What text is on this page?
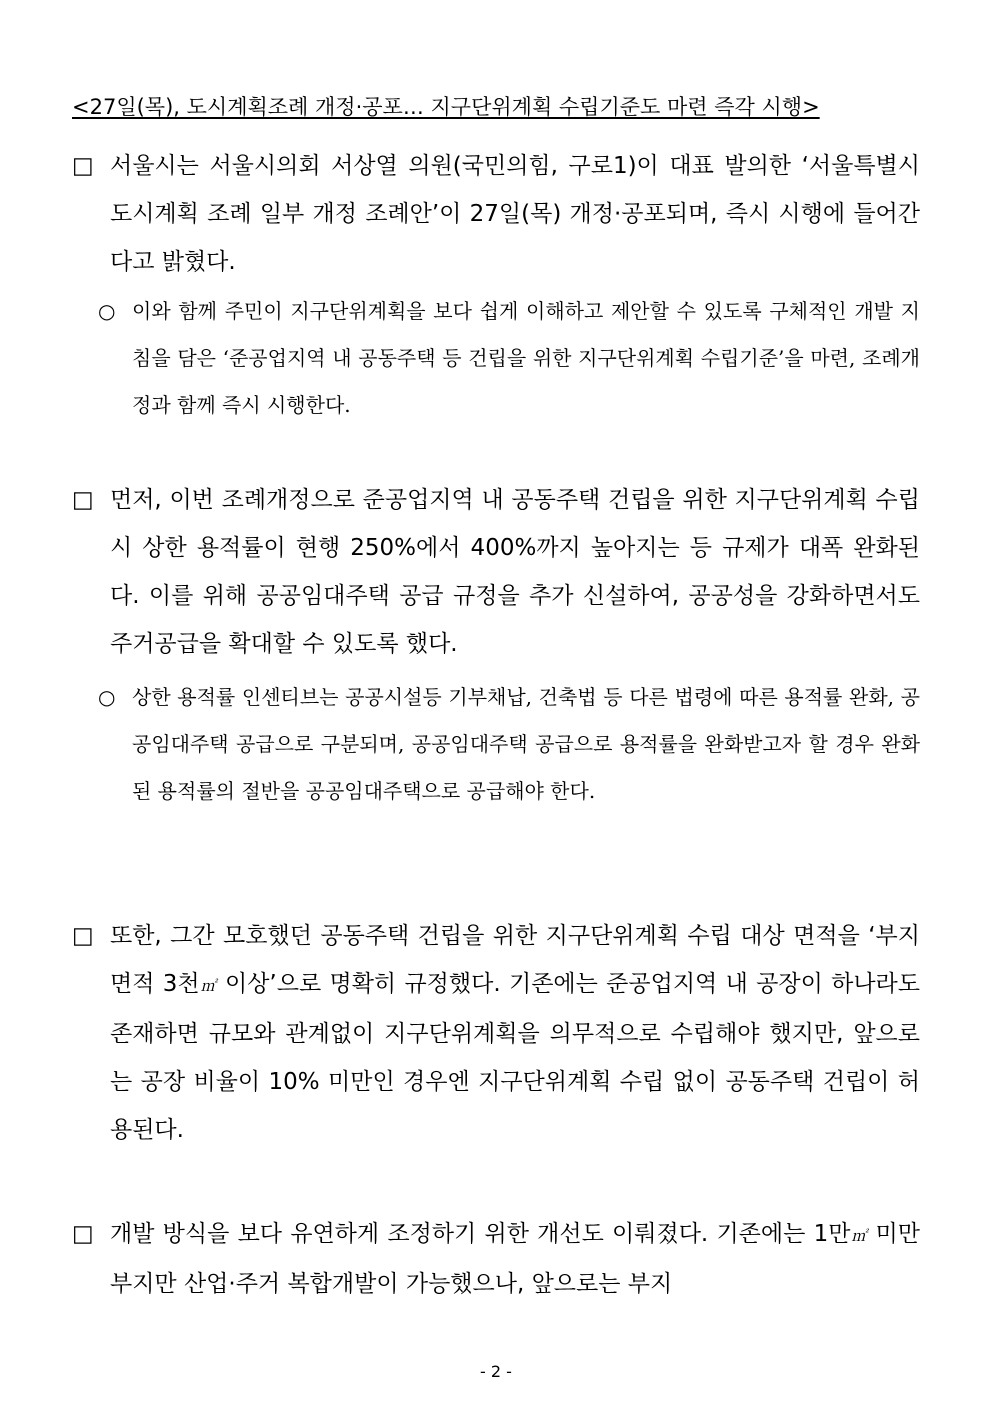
<27일(목), 도시계획조례 개정·공포… 지구단위계획 수립기준도 마련 즉각 시행>
□ 서울시는 서울시의회 서상열 의원(국민의힘, 구로1)이 대표 발의한 ‘서울특별시 도시계획 조례 일부 개정 조례안’이 27일(목) 개정·공포되며, 즉시 시행에 들어간다고 밝혔다.
○ 이와 함께 주민이 지구단위계획을 보다 쉽게 이해하고 제안할 수 있도록 구체적인 개발 지침을 담은 ‘준공업지역 내 공동주택 등 건립을 위한 지구단위계획 수립기준’을 마련, 조례개정과 함께 즉시 시행한다.
□ 먼저, 이번 조례개정으로 준공업지역 내 공동주택 건립을 위한 지구단위계획 수립 시 상한 용적률이 현행 250%에서 400%까지 높아지는 등 규제가 대폭 완화된다. 이를 위해 공공임대주택 공급 규정을 추가 신설하여, 공공성을 강화하면서도 주거공급을 확대할 수 있도록 했다.
○ 상한 용적률 인센티브는 공공시설등 기부채납, 건축법 등 다른 법령에 따른 용적률 완화, 공공임대주택 공급으로 구분되며, 공공임대주택 공급으로 용적률을 완화받고자 할 경우 완화된 용적률의 절반을 공공임대주택으로 공급해야 한다.
□ 또한, 그간 모호했던 공동주택 건립을 위한 지구단위계획 수립 대상 면적을 ‘부지 면적 3천㎡ 이상’으로 명확히 규정했다. 기존에는 준공업지역 내 공장이 하나라도 존재하면 규모와 관계없이 지구단위계획을 의무적으로 수립해야 했지만, 앞으로는 공장 비율이 10% 미만인 경우엔 지구단위계획 수립 없이 공동주택 건립이 허용된다.
□ 개발 방식을 보다 유연하게 조정하기 위한 개선도 이뤄졌다. 기존에는 1만㎡ 미만 부지만 산업·주거 복합개발이 가능했으나, 앞으로는 부지
- 2 -
